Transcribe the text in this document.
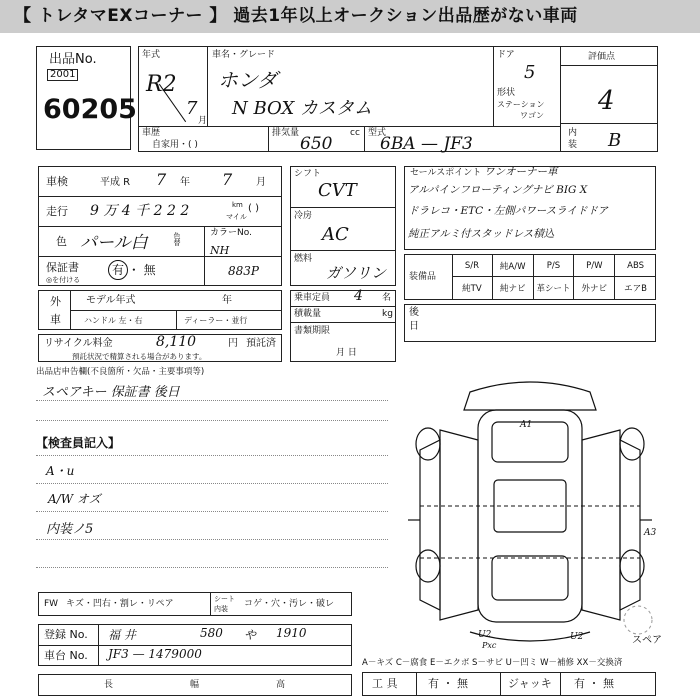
【 トレタマEXコーナー 】 過去1年以上オークション出品歴がない車両
出品No.
2001
60205
年式
R2
7
月
車名・グレード
ホンダ
N BOX カスタム
ドア
5
形状
ステーション
ワゴン
評価点
4
内
装 B
車歴
自家用・( )
排気量
650
cc 型式
6BA — JF3
車検	平成 R 7 年 7 月
走行 9 万 4 千 2 2 2	km
マイル
( )
色 パール白	色替	カラーNo.
NH
883P
保証書
◎を付ける
有 ・ 無
外
車
モデル年式	年
ハンドル 左・右	ディーラー・並行
リサイクル料金	8,110	円 預託済
預託状況で精算される場合があります。
シフト
CVT
冷房
AC
燃料
ガソリン
乗車定員 4 名
積載量	kg
書類期限
月 日
セールスポイント ワンオーナー車
アルパインフローティングナビ BIG X
ドラレコ・ETC・左側パワースライドドア
純正アルミ付スタッドレス積込
装備品
S/R	純A/W	P/S	P/W	ABS
純TV	純ナビ	革シート	外ナビ	エアB
後
日
出品店申告欄(不良箇所・欠品・主要事項等)
スペアキー 保証書 後日
【検査員記入】
A・u
A/W オズ
内装ノ5
A1
A3
U2	U2
Pxc	スペア
FW キズ・凹右・割レ・リペア	シート
内装 コゲ・穴・汚レ・破レ
登録 No. 福 井	580 や 1910
車台 No. JF3 — 1479000
A－キズ C－腐食 E－エクボ S－サビ U－凹ミ W－補修 XX－交換済
工 具	有 ・ 無	ジャッキ 有 ・ 無
長	幅	高
